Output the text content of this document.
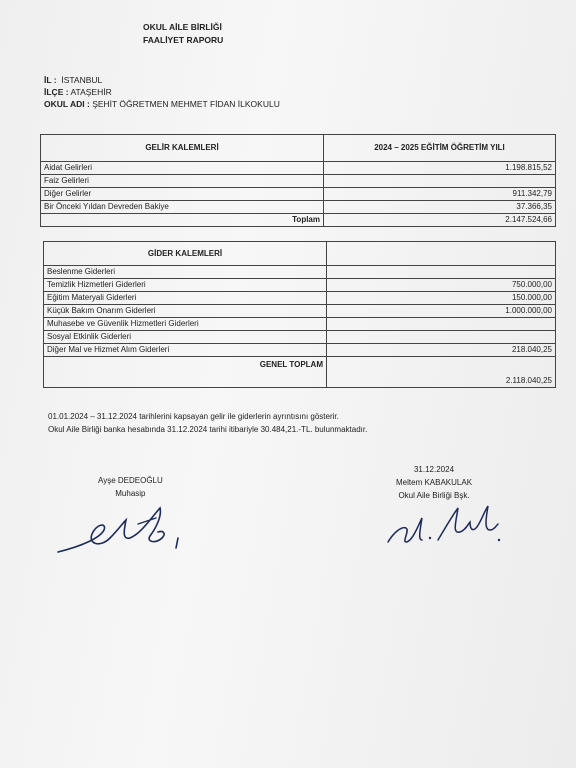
OKUL AİLE BİRLİĞİ
FAALİYET RAPORU
İL : İSTANBUL
İLÇE : ATAŞEHİR
OKUL ADI : ŞEHİT ÖĞRETMEN MEHMET FİDAN İLKOKULU
GELİR KALEMLERİ	2024 – 2025 EĞİTİM ÖĞRETİM YILI
Aidat Gelirleri	1.198.815,52
Faiz Gelirleri	
Diğer Gelirler	911.342,79
Bir Önceki Yıldan Devreden Bakiye	37.366,35
Toplam	2.147.524,66
GİDER KALEMLERİ	
Beslenme Giderleri	
Temizlik Hizmetleri Giderleri	750.000,00
Eğitim Materyali Giderleri	150.000,00
Küçük Bakım Onarım Giderleri	1.000.000,00
Muhasebe ve Güvenlik Hizmetleri Giderleri	
Sosyal Etkinlik Giderleri	
Diğer Mal ve Hizmet Alım Giderleri	218.040,25
GENEL TOPLAM	2.118.040,25
01.01.2024 – 31.12.2024 tarihlerini kapsayan gelir ile giderlerin ayrıntısını gösterir.
Okul Aile Birliği banka hesabında 31.12.2024 tarihi itibariyle 30.484,21.-TL. bulunmaktadır.
Ayşe DEDEOĞLU
Muhasip
31.12.2024
Meltem KABAKULAK
Okul Aile Birliği Bşk.
